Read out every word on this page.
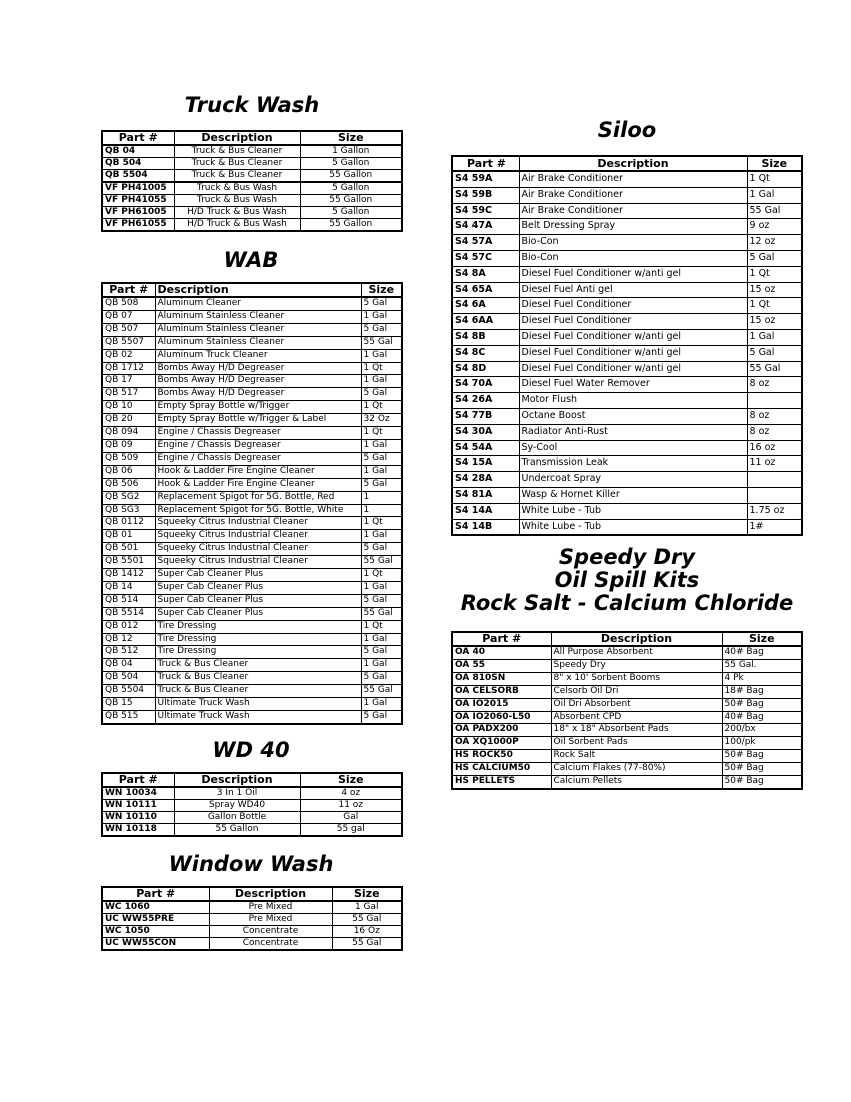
Truck Wash
Part #	Description	Size
QB 04	Truck & Bus Cleaner	1 Gallon
QB 504	Truck & Bus Cleaner	5 Gallon
QB 5504	Truck & Bus Cleaner	55 Gallon
VF PH41005	Truck & Bus Wash	5 Gallon
VF PH41055	Truck & Bus Wash	55 Gallon
VF PH61005	H/D Truck & Bus Wash	5 Gallon
VF PH61055	H/D Truck & Bus Wash	55 Gallon
WAB
Part #	Description	Size
QB 508	Aluminum Cleaner	5 Gal
QB 07	Aluminum Stainless Cleaner	1 Gal
QB 507	Aluminum Stainless Cleaner	5 Gal
QB 5507	Aluminum Stainless Cleaner	55 Gal
QB 02	Aluminum Truck Cleaner	1 Gal
QB 1712	Bombs Away H/D Degreaser	1 Qt
QB 17	Bombs Away H/D Degreaser	1 Gal
QB 517	Bombs Away H/D Degreaser	5 Gal
QB 10	Empty Spray Bottle w/Trigger	1 Qt
QB 20	Empty Spray Bottle w/Trigger & Label	32 Oz
QB 094	Engine / Chassis Degreaser	1 Qt
QB 09	Engine / Chassis Degreaser	1 Gal
QB 509	Engine / Chassis Degreaser	5 Gal
QB 06	Hook & Ladder Fire Engine Cleaner	1 Gal
QB 506	Hook & Ladder Fire Engine Cleaner	5 Gal
QB SG2	Replacement Spigot for 5G. Bottle, Red	1
QB SG3	Replacement Spigot for 5G. Bottle, White	1
QB 0112	Squeeky Citrus Industrial Cleaner	1 Qt
QB 01	Squeeky Citrus Industrial Cleaner	1 Gal
QB 501	Squeeky Citrus Industrial Cleaner	5 Gal
QB 5501	Squeeky Citrus Industrial Cleaner	55 Gal
QB 1412	Super Cab Cleaner Plus	1 Qt
QB 14	Super Cab Cleaner Plus	1 Gal
QB 514	Super Cab Cleaner Plus	5 Gal
QB 5514	Super Cab Cleaner Plus	55 Gal
QB 012	Tire Dressing	1 Qt
QB 12	Tire Dressing	1 Gal
QB 512	Tire Dressing	5 Gal
QB 04	Truck & Bus Cleaner	1 Gal
QB 504	Truck & Bus Cleaner	5 Gal
QB 5504	Truck & Bus Cleaner	55 Gal
QB 15	Ultimate Truck Wash	1 Gal
QB 515	Ultimate Truck Wash	5 Gal
WD 40
Part #	Description	Size
WN 10034	3 In 1 Oil	4 oz
WN 10111	Spray WD40	11 oz
WN 10110	Gallon Bottle	Gal
WN 10118	55 Gallon	55 gal
Window Wash
Part #	Description	Size
WC 1060	Pre Mixed	1 Gal
UC WW55PRE	Pre Mixed	55 Gal
WC 1050	Concentrate	16 Oz
UC WW55CON	Concentrate	55 Gal
Siloo
Part #	Description	Size
S4 59A	Air Brake Conditioner	1 Qt
S4 59B	Air Brake Conditioner	1 Gal
S4 59C	Air Brake Conditioner	55 Gal
S4 47A	Belt Dressing Spray	9 oz
S4 57A	Bio-Con	12 oz
S4 57C	Bio-Con	5 Gal
S4 8A	Diesel Fuel Conditioner w/anti gel	1 Qt
S4 65A	Diesel Fuel Anti gel	15 oz
S4 6A	Diesel Fuel Conditioner	1 Qt
S4 6AA	Diesel Fuel Conditioner	15 oz
S4 8B	Diesel Fuel Conditioner w/anti gel	1 Gal
S4 8C	Diesel Fuel Conditioner w/anti gel	5 Gal
S4 8D	Diesel Fuel Conditioner w/anti gel	55 Gal
S4 70A	Diesel Fuel Water Remover	8 oz
S4 26A	Motor Flush	
S4 77B	Octane Boost	8 oz
S4 30A	Radiator Anti-Rust	8 oz
S4 54A	Sy-Cool	16 oz
S4 15A	Transmission Leak	11 oz
S4 28A	Undercoat Spray	
S4 81A	Wasp & Hornet Killer	
S4 14A	White Lube - Tub	1.75 oz
S4 14B	White Lube - Tub	1#
Speedy Dry
Oil Spill Kits
Rock Salt - Calcium Chloride
Part #	Description	Size
OA 40	All Purpose Absorbent	40# Bag
OA 55	Speedy Dry	55 Gal.
OA 810SN	8" x 10' Sorbent Booms	4 Pk
OA CELSORB	Celsorb Oil Dri	18# Bag
OA IO2015	Oil Dri Absorbent	50# Bag
OA IO2060-L50	Absorbent CPD	40# Bag
OA PADX200	18" x 18" Absorbent Pads	200/bx
OA XQ1000P	Oil Sorbent Pads	100/pk
HS ROCK50	Rock Salt	50# Bag
HS CALCIUM50	Calcium Flakes (77-80%)	50# Bag
HS PELLETS	Calcium Pellets	50# Bag
